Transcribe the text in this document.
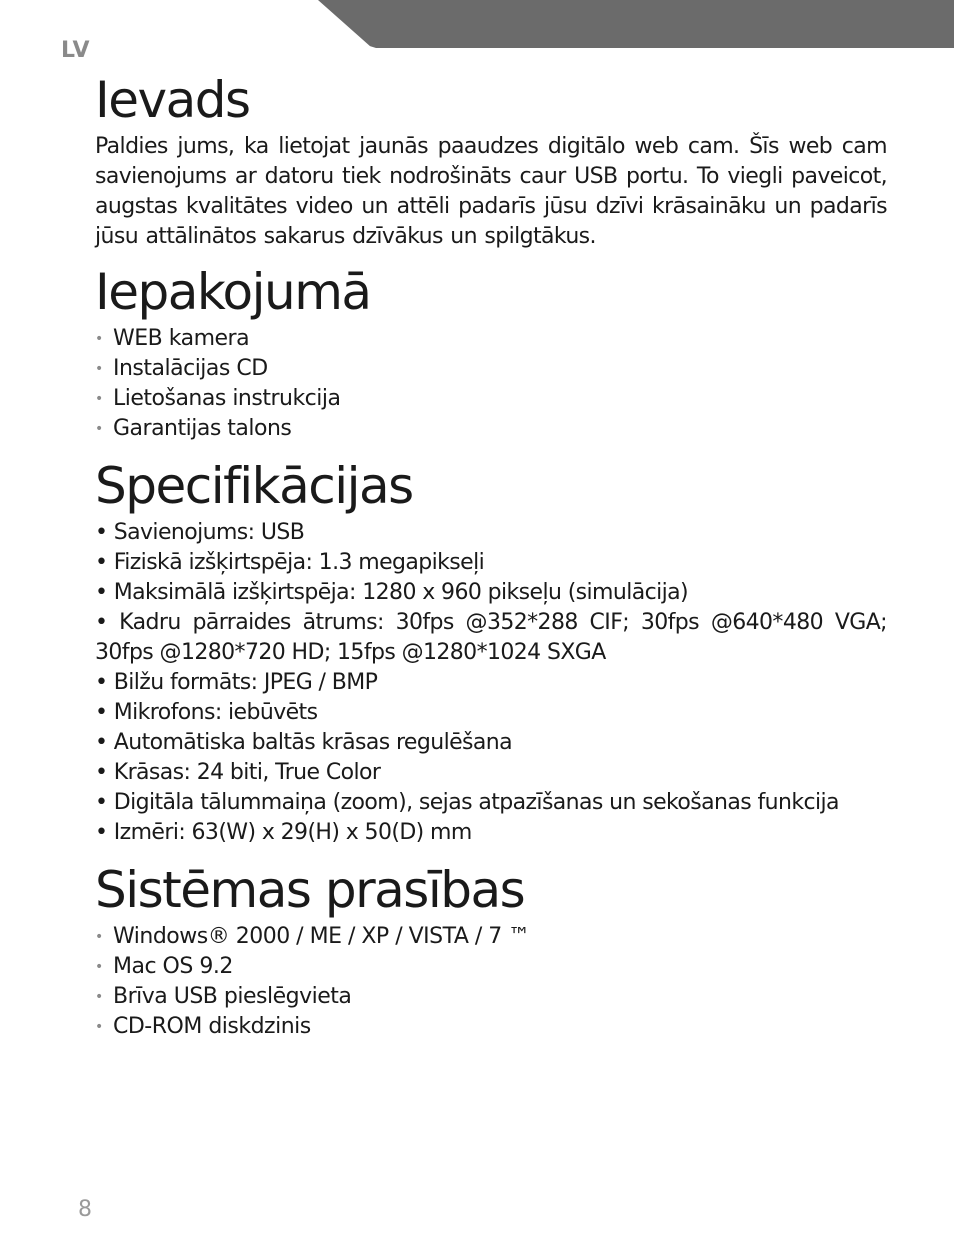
LV
Ievads

Paldies jums, ka lietojat jaunās paaudzes digitālo web cam. Šīs web cam savienojums ar datoru tiek nodrošināts caur USB portu. To viegli paveicot, augstas kvalitātes video un attēli padarīs jūsu dzīvi krāsaināku un padarīs jūsu attālinātos sakarus dzīvākus un spilgtākus.

Iepakojumā
• WEB kamera
• Instalācijas CD
• Lietošanas instrukcija
• Garantijas talons
Specifikācijas
• Savienojums: USB
• Fiziskā izšķirtspēja: 1.3 megapikseļi
• Maksimālā izšķirtspēja: 1280 x 960 pikseļu (simulācija)
• Kadru pārraides ātrums: 30fps @352*288 CIF; 30fps @640*480 VGA; 30fps @1280*720 HD; 15fps @1280*1024 SXGA
• Bilžu formāts: JPEG / BMP
• Mikrofons: iebūvēts
• Automātiska baltās krāsas regulēšana
• Krāsas: 24 biti, True Color
• Digitāla tālummaiņa (zoom), sejas atpazīšanas un sekošanas funkcija
• Izmēri: 63(W) x 29(H) x 50(D) mm
Sistēmas prasības
• Windows® 2000 / ME / XP / VISTA / 7 ™
• Mac OS 9.2
• Brīva USB pieslēgvieta
• CD-ROM diskdzinis
8
